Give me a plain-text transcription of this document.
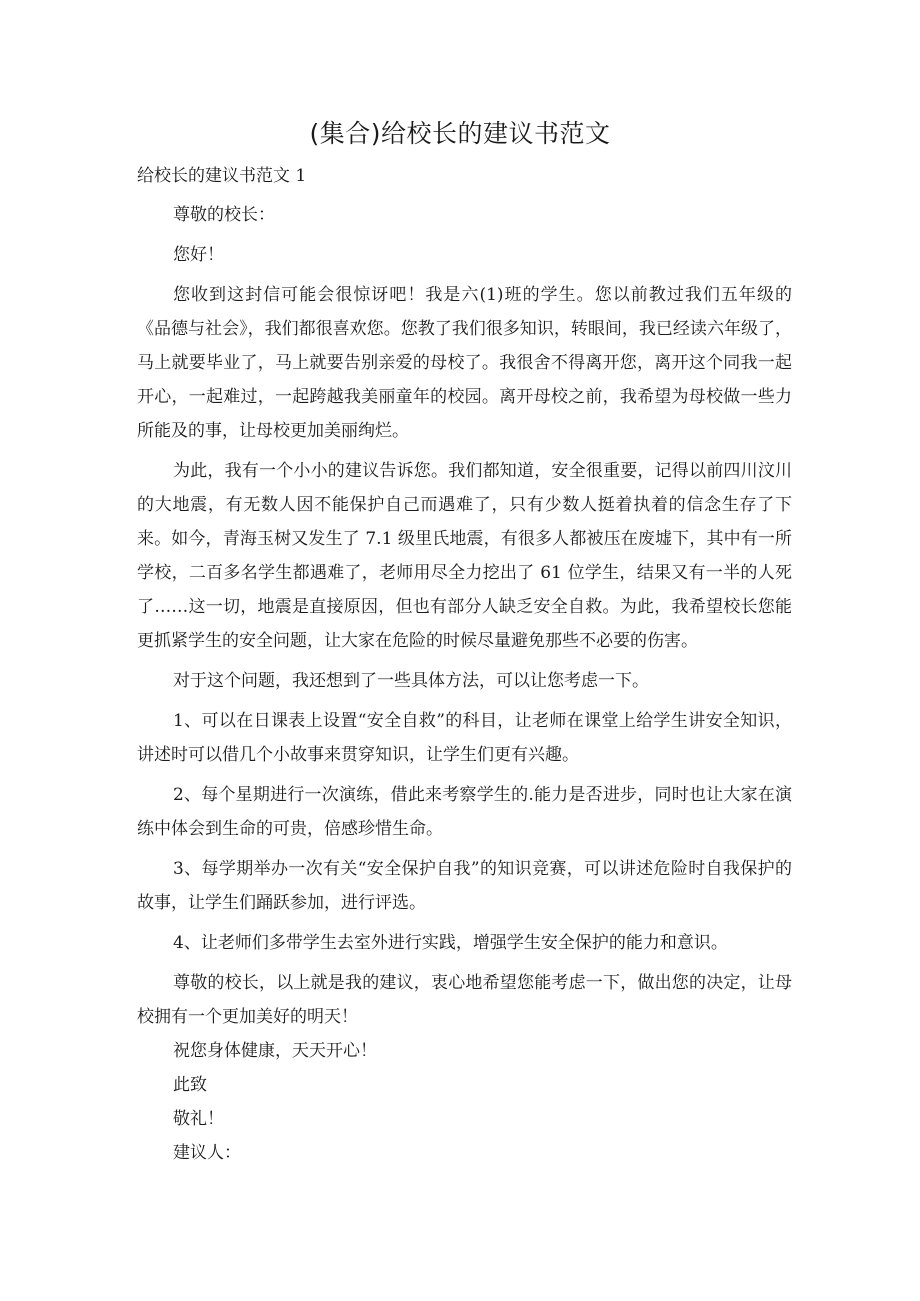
(集合)给校长的建议书范文

给校长的建议书范文 1

尊敬的校长：

您好！

您收到这封信可能会很惊讶吧！我是六(1)班的学生。您以前教过我们五年级的《品德与社会》，我们都很喜欢您。您教了我们很多知识，转眼间，我已经读六年级了，马上就要毕业了，马上就要告别亲爱的母校了。我很舍不得离开您，离开这个同我一起开心，一起难过，一起跨越我美丽童年的校园。离开母校之前，我希望为母校做一些力所能及的事，让母校更加美丽绚烂。

为此，我有一个小小的建议告诉您。我们都知道，安全很重要，记得以前四川汶川的大地震，有无数人因不能保护自己而遇难了，只有少数人挺着执着的信念生存了下来。如今，青海玉树又发生了 7.1 级里氏地震，有很多人都被压在废墟下，其中有一所学校，二百多名学生都遇难了，老师用尽全力挖出了 61 位学生，结果又有一半的人死了……这一切，地震是直接原因，但也有部分人缺乏安全自救。为此，我希望校长您能更抓紧学生的安全问题，让大家在危险的时候尽量避免那些不必要的伤害。

对于这个问题，我还想到了一些具体方法，可以让您考虑一下。

1、可以在日课表上设置“安全自救”的科目，让老师在课堂上给学生讲安全知识，讲述时可以借几个小故事来贯穿知识，让学生们更有兴趣。

2、每个星期进行一次演练，借此来考察学生的.能力是否进步，同时也让大家在演练中体会到生命的可贵，倍感珍惜生命。

3、每学期举办一次有关“安全保护自我”的知识竞赛，可以讲述危险时自我保护的故事，让学生们踊跃参加，进行评选。

4、让老师们多带学生去室外进行实践，增强学生安全保护的能力和意识。

尊敬的校长，以上就是我的建议，衷心地希望您能考虑一下，做出您的决定，让母校拥有一个更加美好的明天！

祝您身体健康，天天开心！

此致

敬礼！

建议人：
